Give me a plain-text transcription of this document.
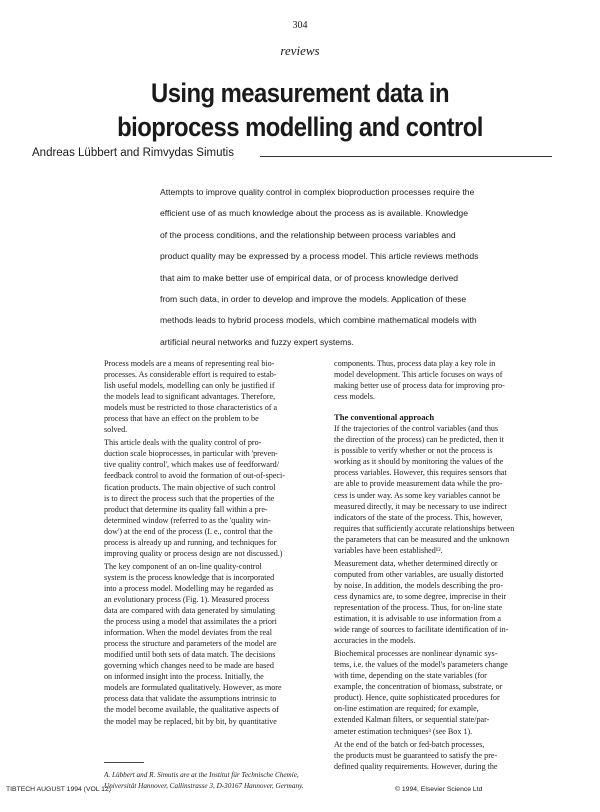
304
reviews
Using measurement data in
bioprocess modelling and control
Andreas Lübbert and Rimvydas Simutis
Attempts to improve quality control in complex bioproduction processes require the
efficient use of as much knowledge about the process as is available. Knowledge
of the process conditions, and the relationship between process variables and
product quality may be expressed by a process model. This article reviews methods
that aim to make better use of empirical data, or of process knowledge derived
from such data, in order to develop and improve the models. Application of these
methods leads to hybrid process models, which combine mathematical models with
artificial neural networks and fuzzy expert systems.
Process models are a means of representing real bio-
processes. As considerable effort is required to estab-
lish useful models, modelling can only be justified if
the models lead to significant advantages. Therefore,
models must be restricted to those characteristics of a
process that have an effect on the problem to be
solved.
This article deals with the quality control of pro-
duction scale bioprocesses, in particular with 'preven-
tive quality control', which makes use of feedforward/
feedback control to avoid the formation of out-of-speci-
fication products. The main objective of such control
is to direct the process such that the properties of the
product that determine its quality fall within a pre-
determined window (referred to as the 'quality win-
dow') at the end of the process (I. e., control that the
process is already up and running, and techniques for
improving quality or process design are not discussed.)
The key component of an on-line quality-control
system is the process knowledge that is incorporated
into a process model. Modelling may be regarded as
an evolutionary process (Fig. 1). Measured process
data are compared with data generated by simulating
the process using a model that assimilates the a priori
information. When the model deviates from the real
process the structure and parameters of the model are
modified until both sets of data match. The decisions
governing which changes need to be made are based
on informed insight into the process. Initially, the
models are formulated qualitatively. However, as more
process data that validate the assumptions intrinsic to
the model become available, the qualitative aspects of
the model may be replaced, bit by bit, by quantitative
components. Thus, process data play a key role in
model development. This article focuses on ways of
making better use of process data for improving pro-
cess models.
The conventional approach
If the trajectories of the control variables (and thus
the direction of the process) can be predicted, then it
is possible to verify whether or not the process is
working as it should by monitoring the values of the
process variables. However, this requires sensors that
are able to provide measurement data while the pro-
cess is under way. As some key variables cannot be
measured directly, it may be necessary to use indirect
indicators of the state of the process. This, however,
requires that sufficiently accurate relationships between
the parameters that can be measured and the unknown
variables have been established¹².
Measurement data, whether determined directly or
computed from other variables, are usually distorted
by noise. In addition, the models describing the pro-
cess dynamics are, to some degree, imprecise in their
representation of the process. Thus, for on-line state
estimation, it is advisable to use information from a
wide range of sources to facilitate identification of in-
accuracies in the models.
Biochemical processes are nonlinear dynamic sys-
tems, i.e. the values of the model's parameters change
with time, depending on the state variables (for
example, the concentration of biomass, substrate, or
product). Hence, quite sophisticated procedures for
on-line estimation are required; for example,
extended Kalman filters, or sequential state/par-
ameter estimation techniques³ (see Box 1).
At the end of the batch or fed-batch processes,
the products must be guaranteed to satisfy the pre-
defined quality requirements. However, during the
A. Lübbert and R. Simutis are at the Institut für Technische Chemie,
Universität Hannover, Callinstrasse 3, D-30167 Hannover, Germany.
TIBTECH AUGUST 1994 (VOL 12)	© 1994, Elsevier Science Ltd
